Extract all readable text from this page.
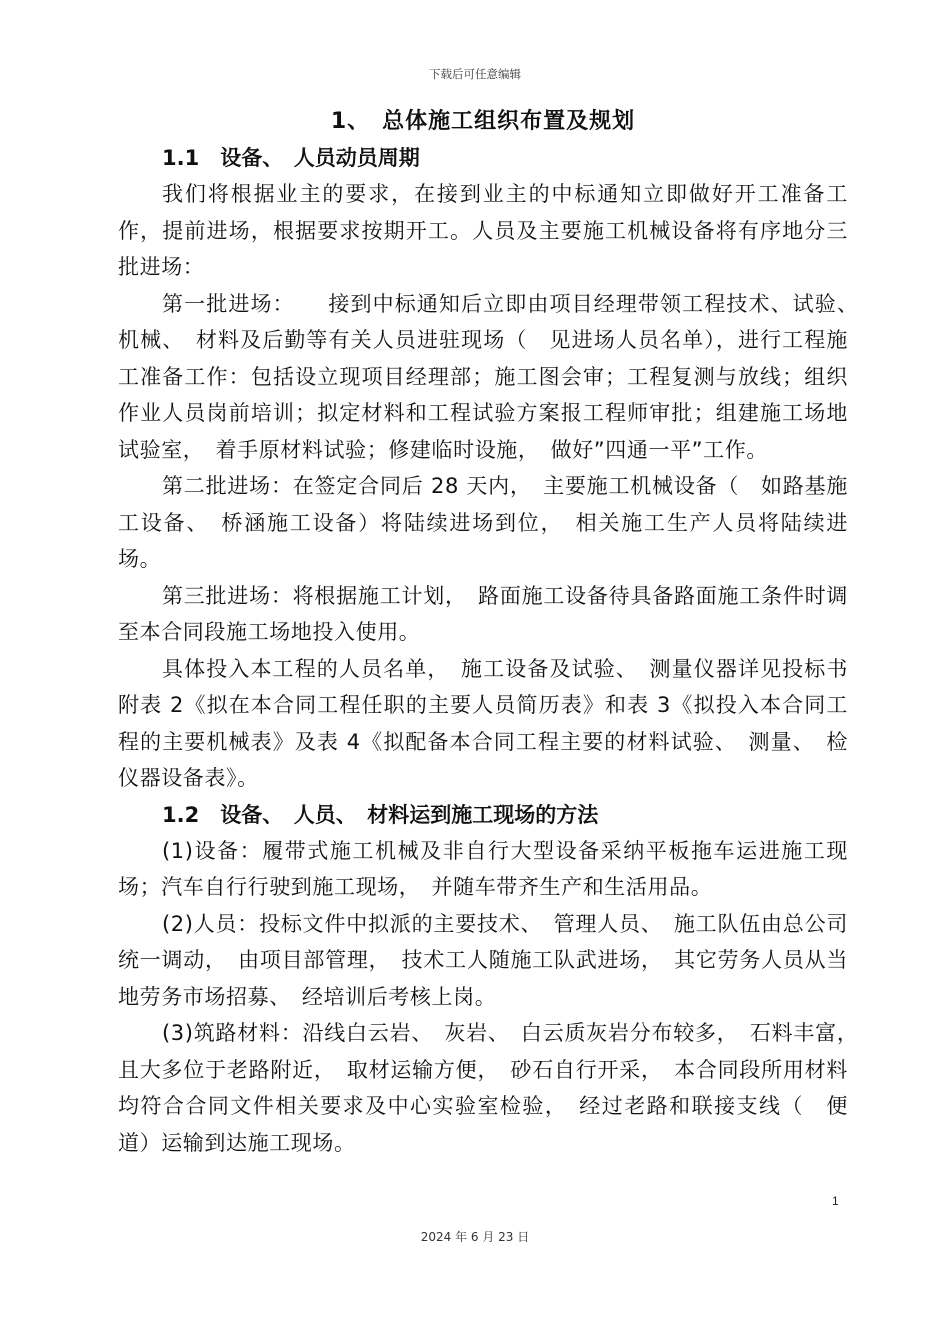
下载后可任意编辑
1、　总体施工组织布置及规划
1.1　设备、　人员动员周期

我们将根据业主的要求，在接到业主的中标通知立即做好开工准备工作，提前进场，根据要求按期开工。人员及主要施工机械设备将有序地分三批进场：

第一批进场：　　接到中标通知后立即由项目经理带领工程技术、试验、　机械、　材料及后勤等有关人员进驻现场（　见进场人员名单），进行工程施工准备工作：包括设立现项目经理部；施工图会审；工程复测与放线；组织作业人员岗前培训；拟定材料和工程试验方案报工程师审批；组建施工场地试验室，　着手原材料试验；修建临时设施，　做好”四通一平”工作。

第二批进场：在签定合同后 28 天内，　主要施工机械设备（　如路基施工设备、　桥涵施工设备）将陆续进场到位，　相关施工生产人员将陆续进场。

第三批进场：将根据施工计划，　路面施工设备待具备路面施工条件时调至本合同段施工场地投入使用。

具体投入本工程的人员名单，　施工设备及试验、　测量仪器详见投标书附表 2《拟在本合同工程任职的主要人员简历表》和表 3《拟投入本合同工程的主要机械表》及表 4《拟配备本合同工程主要的材料试验、　测量、　检仪器设备表》。

1.2　设备、　人员、　材料运到施工现场的方法

(1)设备：履带式施工机械及非自行大型设备采纳平板拖车运进施工现场；汽车自行行驶到施工现场，　并随车带齐生产和生活用品。

(2)人员：投标文件中拟派的主要技术、　管理人员、　施工队伍由总公司统一调动，　由项目部管理，　技术工人随施工队武进场，　其它劳务人员从当地劳务市场招募、　经培训后考核上岗。

(3)筑路材料：沿线白云岩、　灰岩、　白云质灰岩分布较多，　石料丰富，　且大多位于老路附近，　取材运输方便，　砂石自行开采，　本合同段所用材料均符合合同文件相关要求及中心实验室检验，　经过老路和联接支线（　便道）运输到达施工现场。

1
2024 年 6 月 23 日
